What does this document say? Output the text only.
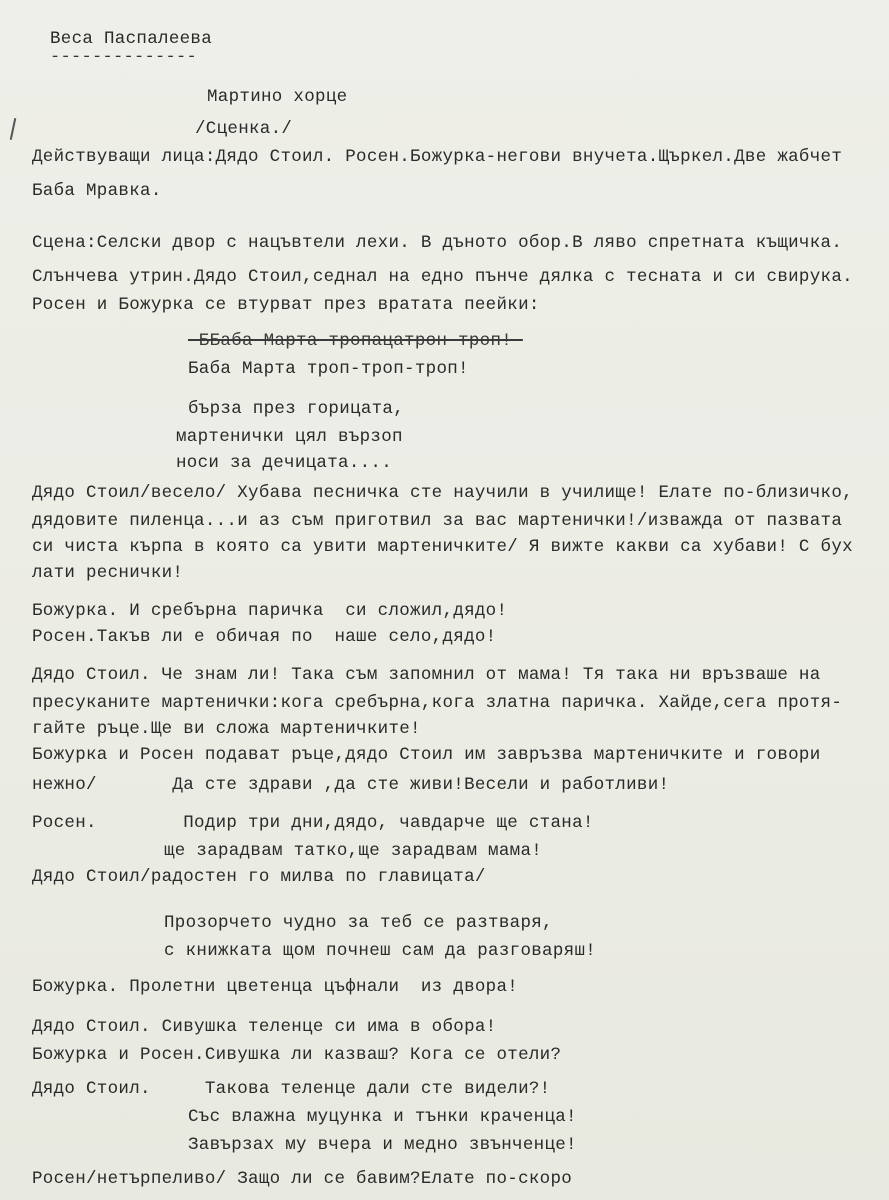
Веса Паспалеева
--------------
Мартино хорце
/Сценка./
Действуващи лица:Дядо Стоил. Росен.Божурка-негови внучета.Щъркел.Две жабчет
Баба Мравка.
Сцена:Селски двор с нацъвтели лехи. В дъното обор.В ляво спретната къщичка.
Слънчева утрин.Дядо Стоил,седнал на едно пънче дялка с тесната и си свирука.
Росен и Божурка се втурват през вратата пеейки:
-ББаба-Марта-тропацатрон-троп!-
Баба Марта троп-троп-троп!
бърза през горицата,
мартенички цял вързоп
носи за дечицата....
Дядо Стоил/весело/ Хубава песничка сте научили в училище! Елате по-близичко,
дядовите пиленца...и аз съм приготвил за вас мартенички!/изважда от пазвата
си чиста кърпа в която са увити мартеничките/ Я вижте какви са хубави! С бух
лати реснички!
Божурка. И сребърна паричка  си сложил,дядо!
Росен.Такъв ли е обичая по  наше село,дядо!
Дядо Стоил. Че знам ли! Така съм запомнил от мама! Тя така ни връзваше на
пресуканите мартенички:кога сребърна,кога златна паричка. Хайде,сега протя-
гайте ръце.Ще ви сложа мартеничките!
Божурка и Росен подават ръце,дядо Стоил им завръзва мартеничките и говори
нежно/       Да сте здрави ,да сте живи!Весели и работливи!
Росен.        Подир три дни,дядо, чавдарче ще стана!
ще зарадвам татко,ще зарадвам мама!
Дядо Стоил/радостен го милва по главицата/
Прозорчето чудно за теб се разтваря,
с книжката щом почнеш сам да разговаряш!
Божурка. Пролетни цветенца цъфнали  из двора!
Дядо Стоил. Сивушка теленце си има в обора!
Божурка и Росен.Сивушка ли казваш? Кога се отели?
Дядо Стоил.     Такова теленце дали сте видели?!
Със влажна муцунка и тънки краченца!
Завързах му вчера и медно звънченце!
Росен/нетърпеливо/ Защо ли се бавим?Елате по-скоро
